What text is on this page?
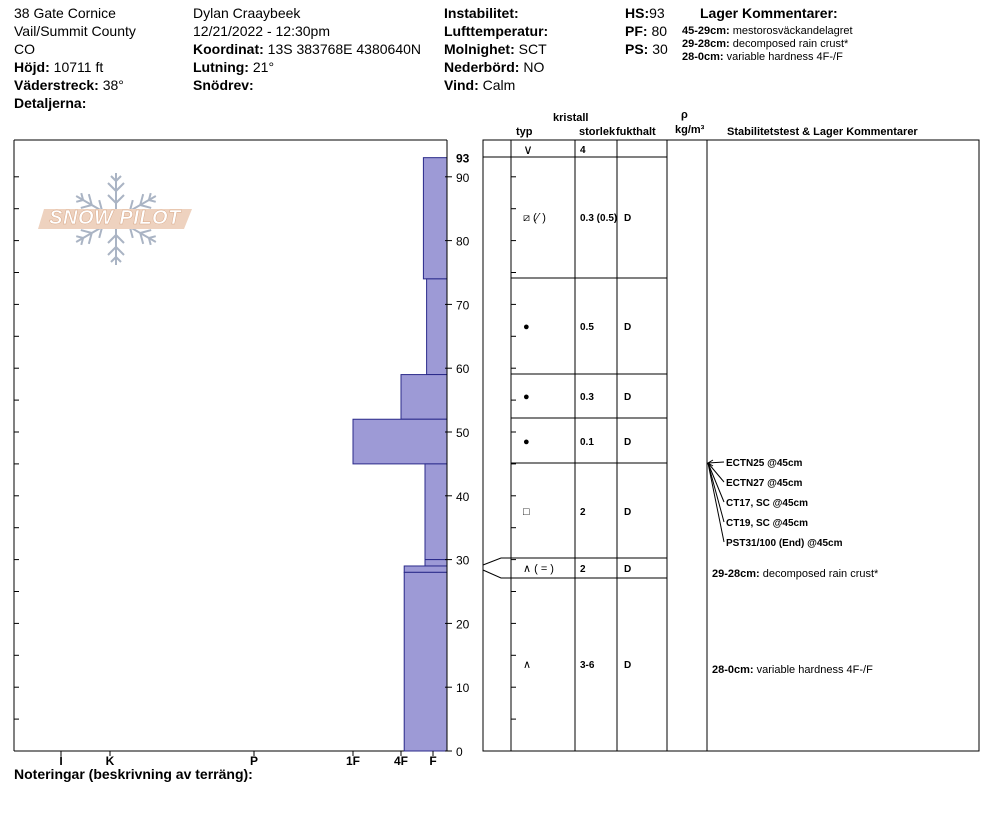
38 Gate Cornice
Vail/Summit County
CO
Höjd: 10711 ft
Väderstreck: 38°
Detaljerna:
Dylan Craaybeek
12/21/2022 - 12:30pm
Koordinat: 13S 383768E 4380640N
Lutning: 21°
Snödrev:
Instabilitet:
Lufttemperatur:
Molnighet: SCT
Nederbörd: NO
Vind: Calm
HS:93
PF: 80
PS: 30
Lager Kommentarer:
45-29cm: mestorosväckandelagret
29-28cm: decomposed rain crust*
28-0cm: variable hardness 4F-/F
kristall
typ	storlek fukthalt
ρ
kg/m³ Stabilitetstest & Lager Kommentarer
SNOW PILOT
I	K	P	1F	4F F
0
10
20
30
40
50
60
70
80
90
93
∨	4
⧄ (⁄˙)	0.3 (0.5) D
●	0.5	D
●	0.3	D
●	0.1	D
□	2	D
∧ ( = )	2	D
∧	3-6	D
ECTN25 @45cm
ECTN27 @45cm
CT17, SC @45cm
CT19, SC @45cm
PST31/100 (End) @45cm
29-28cm: decomposed rain crust*
28-0cm: variable hardness 4F-/F
Noteringar (beskrivning av terräng):
